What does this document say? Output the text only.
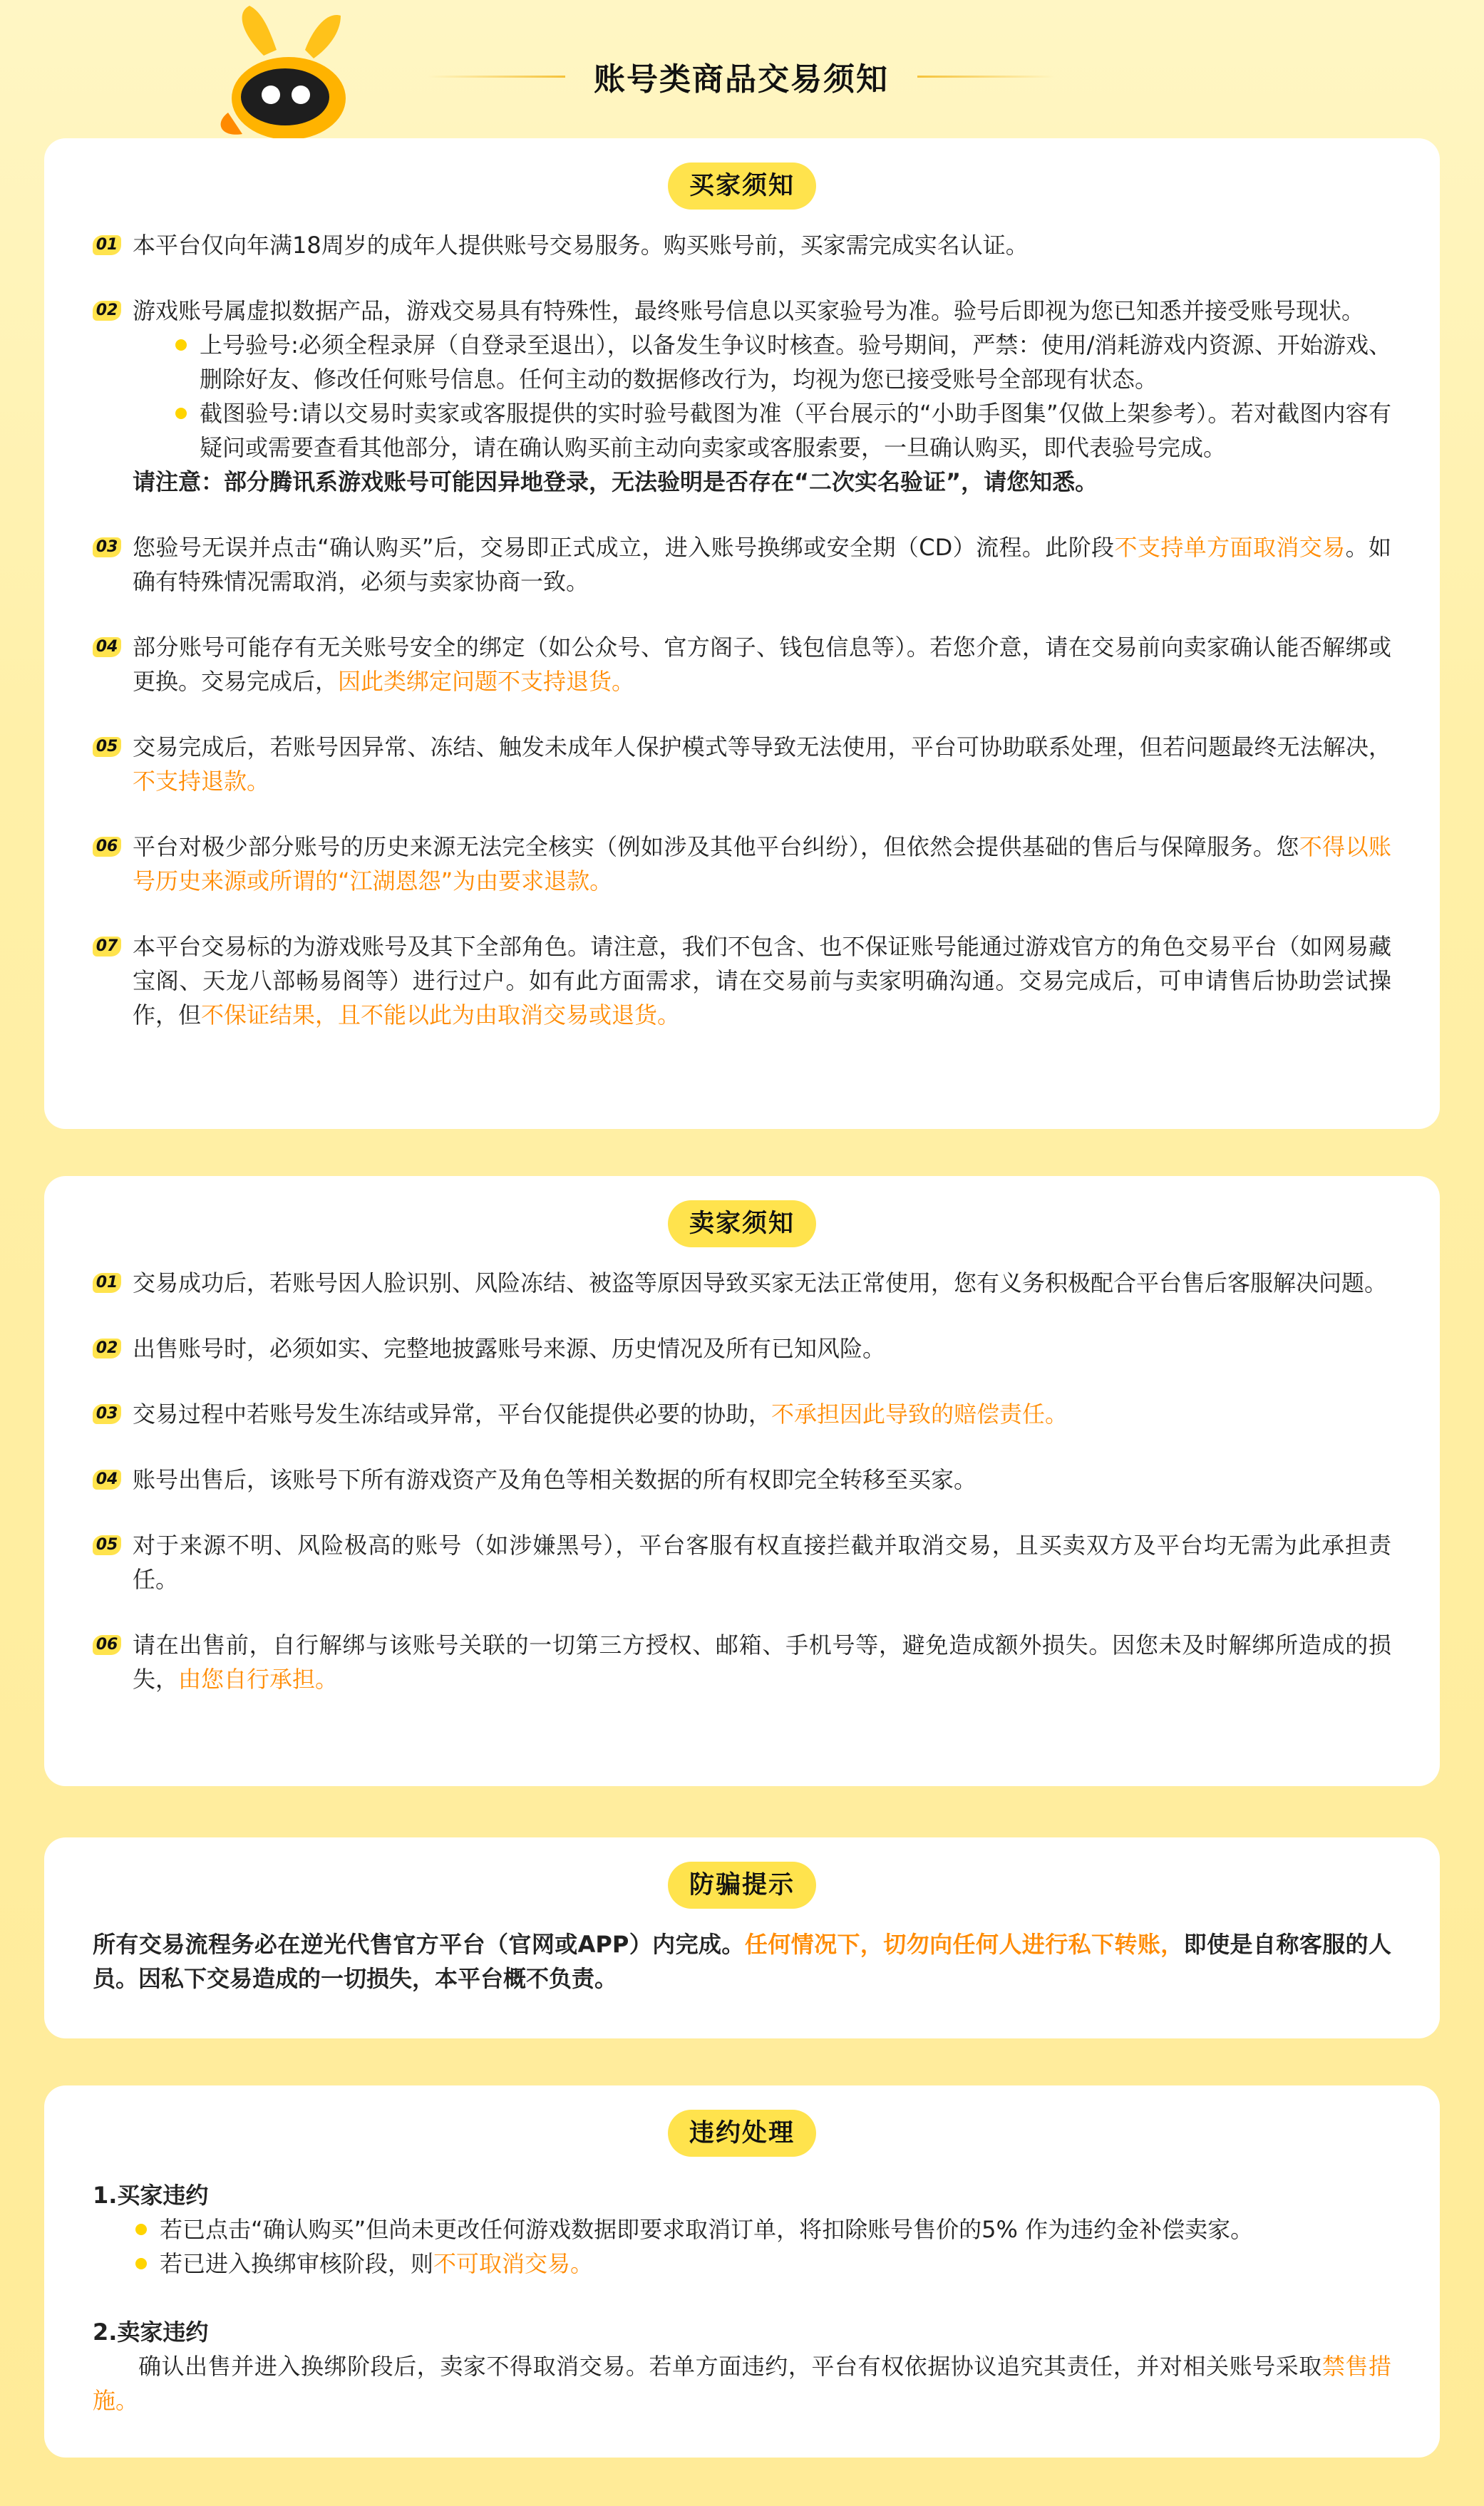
账号类商品交易须知
买家须知
01 本平台仅向年满18周岁的成年人提供账号交易服务。购买账号前，买家需完成实名认证。
02 游戏账号属虚拟数据产品，游戏交易具有特殊性，最终账号信息以买家验号为准。验号后即视为您已知悉并接受账号现状。
上号验号:必须全程录屏（自登录至退出），以备发生争议时核查。验号期间，严禁：使用/消耗游戏内资源、开始游戏、删除好友、修改任何账号信息。任何主动的数据修改行为，均视为您已接受账号全部现有状态。
截图验号:请以交易时卖家或客服提供的实时验号截图为准（平台展示的“小助手图集”仅做上架参考）。若对截图内容有疑问或需要查看其他部分，请在确认购买前主动向卖家或客服索要，一旦确认购买，即代表验号完成。
请注意：部分腾讯系游戏账号可能因异地登录，无法验明是否存在“二次实名验证”，请您知悉。
03 您验号无误并点击“确认购买”后，交易即正式成立，进入账号换绑或安全期（CD）流程。此阶段不支持单方面取消交易。如确有特殊情况需取消，必须与卖家协商一致。
04 部分账号可能存有无关账号安全的绑定（如公众号、官方阁子、钱包信息等）。若您介意，请在交易前向卖家确认能否解绑或更换。交易完成后，因此类绑定问题不支持退货。
05 交易完成后，若账号因异常、冻结、触发未成年人保护模式等导致无法使用，平台可协助联系处理，但若问题最终无法解决，不支持退款。
06 平台对极少部分账号的历史来源无法完全核实（例如涉及其他平台纠纷），但依然会提供基础的售后与保障服务。您不得以账号历史来源或所谓的“江湖恩怨”为由要求退款。
07 本平台交易标的为游戏账号及其下全部角色。请注意，我们不包含、也不保证账号能通过游戏官方的角色交易平台（如网易藏宝阁、天龙八部畅易阁等）进行过户。如有此方面需求，请在交易前与卖家明确沟通。交易完成后，可申请售后协助尝试操作，但不保证结果，且不能以此为由取消交易或退货。
卖家须知
01 交易成功后，若账号因人脸识别、风险冻结、被盗等原因导致买家无法正常使用，您有义务积极配合平台售后客服解决问题。
02 出售账号时，必须如实、完整地披露账号来源、历史情况及所有已知风险。
03 交易过程中若账号发生冻结或异常，平台仅能提供必要的协助，不承担因此导致的赔偿责任。
04 账号出售后，该账号下所有游戏资产及角色等相关数据的所有权即完全转移至买家。
05 对于来源不明、风险极高的账号（如涉嫌黑号），平台客服有权直接拦截并取消交易，且买卖双方及平台均无需为此承担责任。
06 请在出售前，自行解绑与该账号关联的一切第三方授权、邮箱、手机号等，避免造成额外损失。因您未及时解绑所造成的损失，由您自行承担。
防骗提示
所有交易流程务必在逆光代售官方平台（官网或APP）内完成。任何情况下，切勿向任何人进行私下转账，即使是自称客服的人员。因私下交易造成的一切损失，本平台概不负责。
违约处理
1.买家违约
若已点击“确认购买”但尚未更改任何游戏数据即要求取消订单，将扣除账号售价的5% 作为违约金补偿卖家。
若已进入换绑审核阶段，则不可取消交易。
2.卖家违约
确认出售并进入换绑阶段后，卖家不得取消交易。若单方面违约，平台有权依据协议追究其责任，并对相关账号采取禁售措施。
